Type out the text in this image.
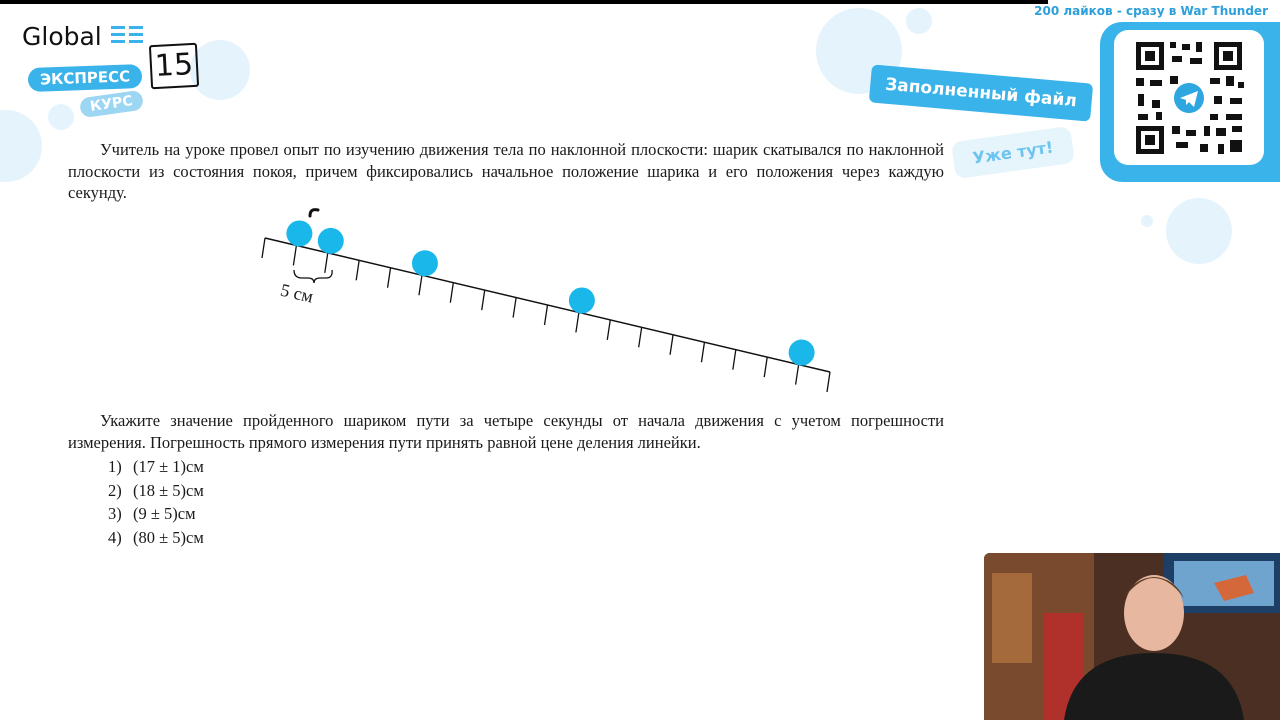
Global
ЭКСПРЕСС
КУРС
15
200 лайков - сразу в War Thunder
Заполненный файл
Уже тут!
Учитель на уроке провел опыт по изучению движения тела по наклонной плоскости: шарик скатывался по наклонной плоскости из состояния покоя, причем фиксировались начальное положение шарика и его положения через каждую секунду.
5 см
Укажите значение пройденного шариком пути за четыре секунды от начала движения с учетом погрешности измерения. Погрешность прямого измерения пути принять равной цене деления линейки.
1) (17 ± 1)см
2) (18 ± 5)см
3) (9 ± 5)см
4) (80 ± 5)см
